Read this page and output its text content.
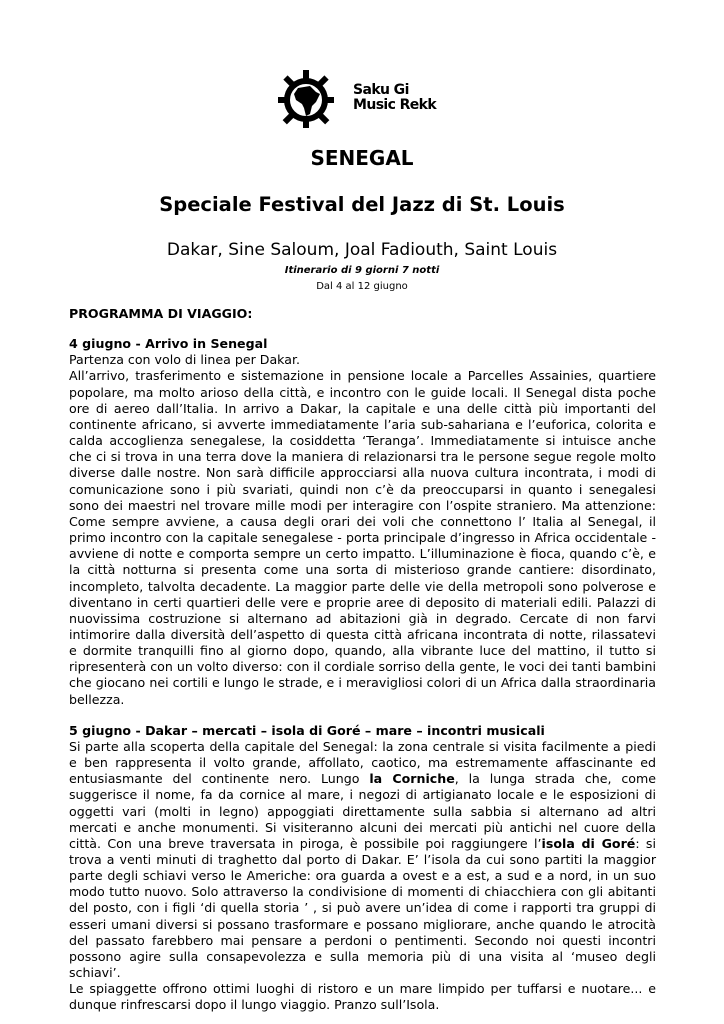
Saku Gi
Music Rekk
SENEGAL
Speciale Festival del Jazz di St. Louis
Dakar, Sine Saloum, Joal Fadiouth, Saint Louis
Itinerario di 9 giorni 7 notti
Dal 4 al 12 giugno

PROGRAMMA DI VIAGGIO:

4 giugno - Arrivo in Senegal

Partenza con volo di linea per Dakar.

All’arrivo, trasferimento e sistemazione in pensione locale a Parcelles Assainies, quartiere popolare, ma molto arioso della città, e incontro con le guide locali. Il Senegal dista poche ore di aereo dall’Italia. In arrivo a Dakar, la capitale e una delle città più importanti del continente africano, si avverte immediatamente l’aria sub-sahariana e l’euforica, colorita e calda accoglienza senegalese, la cosiddetta ‘Teranga’. Immediatamente si intuisce anche che ci si trova in una terra dove la maniera di relazionarsi tra le persone segue regole molto diverse dalle nostre. Non sarà difficile approcciarsi alla nuova cultura incontrata, i modi di comunicazione sono i più svariati, quindi non c’è da preoccuparsi in quanto i senegalesi sono dei maestri nel trovare mille modi per interagire con l’ospite straniero. Ma attenzione: Come sempre avviene, a causa degli orari dei voli che connettono l’ Italia al Senegal, il primo incontro con la capitale senegalese - porta principale d’ingresso in Africa occidentale - avviene di notte e comporta sempre un certo impatto. L’illuminazione è fioca, quando c’è, e la città notturna si presenta come una sorta di misterioso grande cantiere: disordinato, incompleto, talvolta decadente. La maggior parte delle vie della metropoli sono polverose e diventano in certi quartieri delle vere e proprie aree di deposito di materiali edili. Palazzi di nuovissima costruzione si alternano ad abitazioni già in degrado. Cercate di non farvi intimorire dalla diversità dell’aspetto di questa città africana incontrata di notte, rilassatevi e dormite tranquilli fino al giorno dopo, quando, alla vibrante luce del mattino, il tutto si ripresenterà con un volto diverso: con il cordiale sorriso della gente, le voci dei tanti bambini che giocano nei cortili e lungo le strade, e i meravigliosi colori di un Africa dalla straordinaria bellezza.

5 giugno - Dakar – mercati – isola di Goré – mare – incontri musicali

Si parte alla scoperta della capitale del Senegal: la zona centrale si visita facilmente a piedi e ben rappresenta il volto grande, affollato, caotico, ma estremamente affascinante ed entusiasmante del continente nero. Lungo la Corniche, la lunga strada che, come suggerisce il nome, fa da cornice al mare, i negozi di artigianato locale e le esposizioni di oggetti vari (molti in legno) appoggiati direttamente sulla sabbia si alternano ad altri mercati e anche monumenti. Si visiteranno alcuni dei mercati più antichi nel cuore della città. Con una breve traversata in piroga, è possibile poi raggiungere l’isola di Goré: si trova a venti minuti di traghetto dal porto di Dakar. E’ l’isola da cui sono partiti la maggior parte degli schiavi verso le Americhe: ora guarda a ovest e a est, a sud e a nord, in un suo modo tutto nuovo. Solo attraverso la condivisione di momenti di chiacchiera con gli abitanti del posto, con i figli ‘di quella storia ’ , si può avere un’idea di come i rapporti tra gruppi di esseri umani diversi si possano trasformare e possano migliorare, anche quando le atrocità del passato farebbero mai pensare a perdoni o pentimenti. Secondo noi questi incontri possono agire sulla consapevolezza e sulla memoria più di una visita al ‘museo degli schiavi’.

Le spiaggette offrono ottimi luoghi di ristoro e un mare limpido per tuffarsi e nuotare... e dunque rinfrescarsi dopo il lungo viaggio. Pranzo sull’Isola.
